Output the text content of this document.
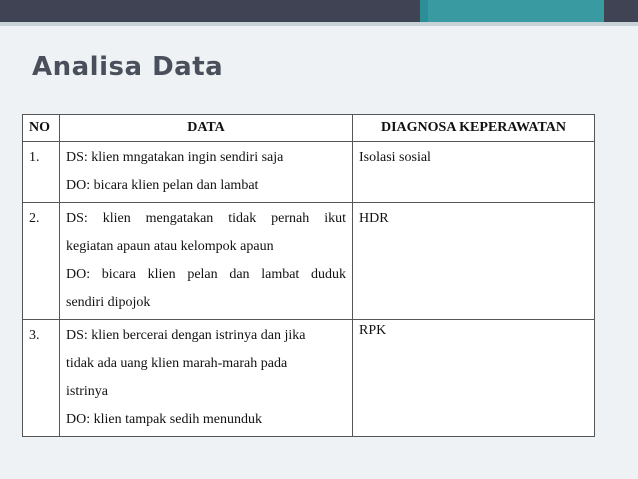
Analisa Data
NO	DATA	DIAGNOSA KEPERAWATAN
1.	DS: klien mngatakan ingin sendiri saja
DO: bicara klien pelan dan lambat	Isolasi sosial
2.	DS: klien mengatakan tidak pernah ikut
kegiatan apaun atau kelompok apaun
DO: bicara klien pelan dan lambat duduk
sendiri dipojok	HDR
3.	DS: klien bercerai dengan istrinya dan jika
tidak ada uang klien marah-marah pada
istrinya
DO: klien tampak sedih menunduk	RPK
